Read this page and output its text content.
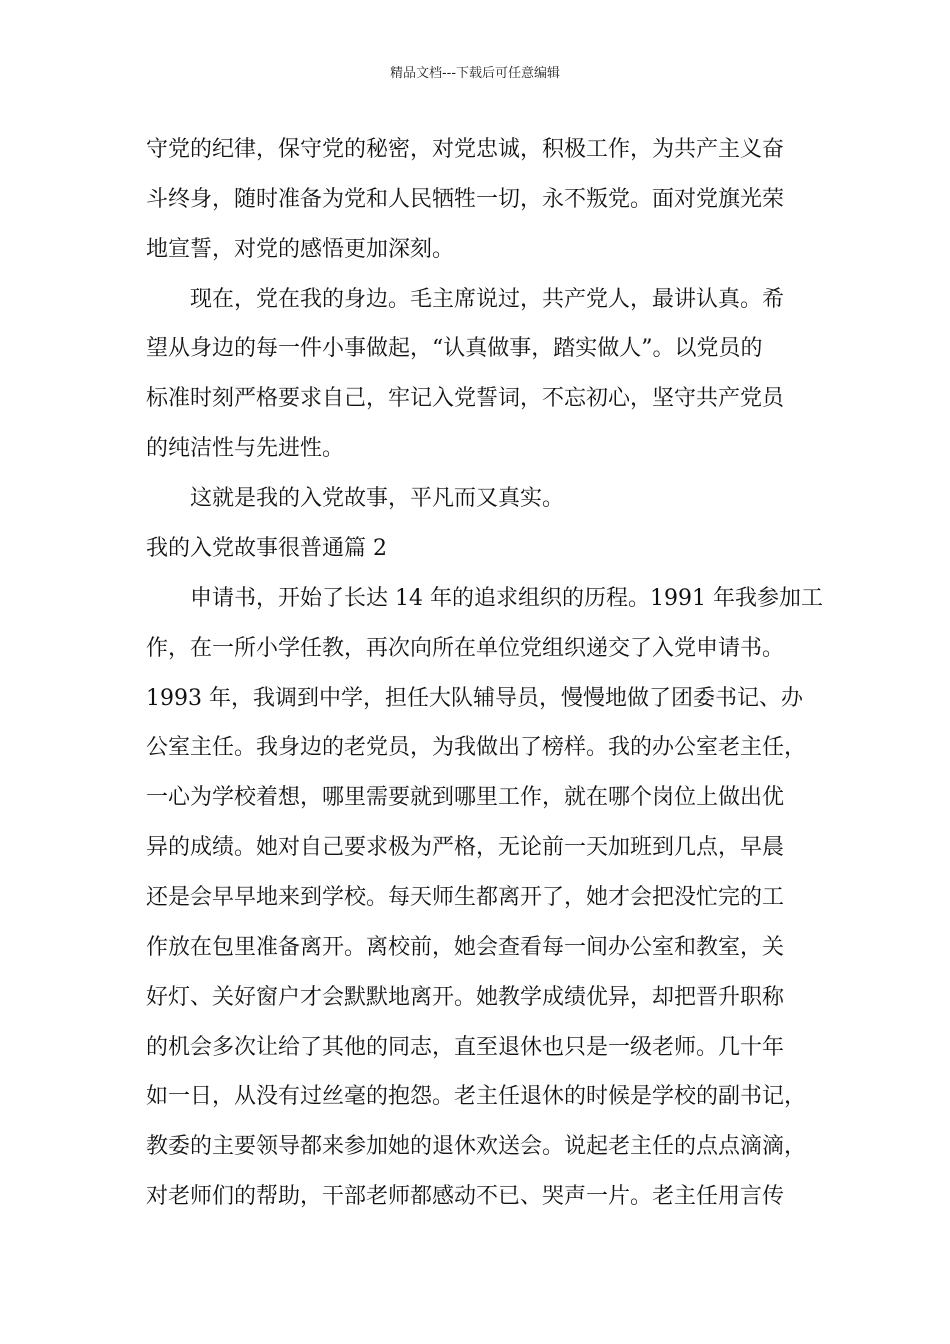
精品文档---下载后可任意编辑
守党的纪律，保守党的秘密，对党忠诚，积极工作，为共产主义奋
斗终身，随时准备为党和人民牺牲一切，永不叛党。面对党旗光荣
地宣誓，对党的感悟更加深刻。
现在，党在我的身边。毛主席说过，共产党人，最讲认真。希
望从身边的每一件小事做起，“认真做事，踏实做人”。以党员的
标准时刻严格要求自己，牢记入党誓词，不忘初心，坚守共产党员
的纯洁性与先进性。
这就是我的入党故事，平凡而又真实。
我的入党故事很普通篇 2
申请书，开始了长达 14 年的追求组织的历程。1991 年我参加工
作，在一所小学任教，再次向所在单位党组织递交了入党申请书。
1993 年，我调到中学，担任大队辅导员，慢慢地做了团委书记、办
公室主任。我身边的老党员，为我做出了榜样。我的办公室老主任，
一心为学校着想，哪里需要就到哪里工作，就在哪个岗位上做出优
异的成绩。她对自己要求极为严格，无论前一天加班到几点，早晨
还是会早早地来到学校。每天师生都离开了，她才会把没忙完的工
作放在包里准备离开。离校前，她会查看每一间办公室和教室，关
好灯、关好窗户才会默默地离开。她教学成绩优异，却把晋升职称
的机会多次让给了其他的同志，直至退休也只是一级老师。几十年
如一日，从没有过丝毫的抱怨。老主任退休的时候是学校的副书记，
教委的主要领导都来参加她的退休欢送会。说起老主任的点点滴滴，
对老师们的帮助，干部老师都感动不已、哭声一片。老主任用言传
